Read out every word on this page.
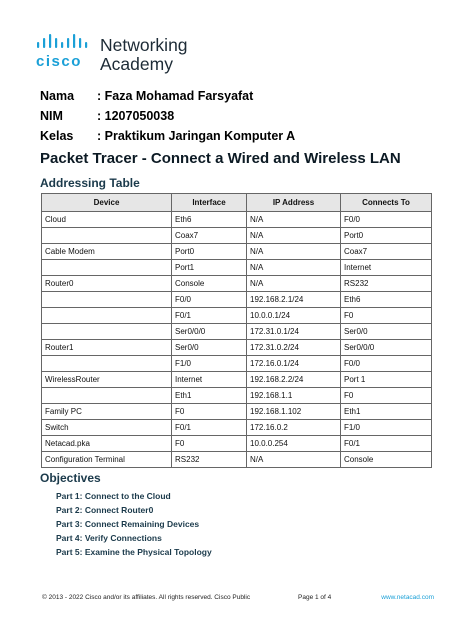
cisco
Networking
Academy
Nama : Faza Mohamad Farsyafat
NIM	: 1207050038
Kelas : Praktikum Jaringan Komputer A
Packet Tracer - Connect a Wired and Wireless LAN
Addressing Table
Device	Interface	IP Address	Connects To
Cloud	Eth6	N/A	F0/0
	Coax7	N/A	Port0
Cable Modem	Port0	N/A	Coax7
	Port1	N/A	Internet
Router0	Console	N/A	RS232
	F0/0	192.168.2.1/24	Eth6
	F0/1	10.0.0.1/24	F0
	Ser0/0/0	172.31.0.1/24	Ser0/0
Router1	Ser0/0	172.31.0.2/24	Ser0/0/0
	F1/0	172.16.0.1/24	F0/0
WirelessRouter	Internet	192.168.2.2/24	Port 1
	Eth1	192.168.1.1	F0
Family PC	F0	192.168.1.102	Eth1
Switch	F0/1	172.16.0.2	F1/0
Netacad.pka	F0	10.0.0.254	F0/1
Configuration Terminal	RS232	N/A	Console
Objectives
Part 1: Connect to the Cloud
Part 2: Connect Router0
Part 3: Connect Remaining Devices
Part 4: Verify Connections
Part 5: Examine the Physical Topology
© 2013 - 2022 Cisco and/or its affiliates. All rights reserved. Cisco Public	Page 1 of 4	www.netacad.com
